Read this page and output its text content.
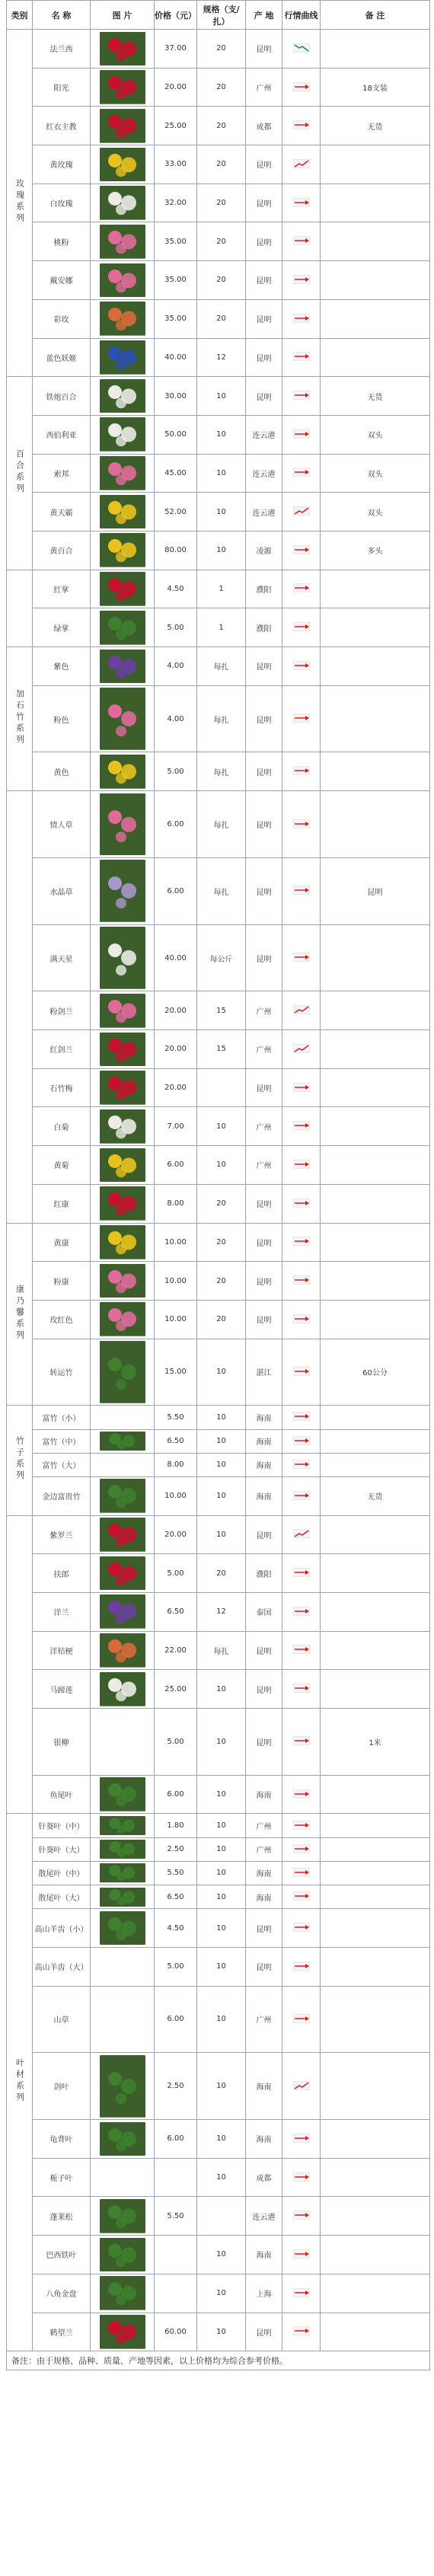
类别	名 称	图 片	价格（元）	规格（支/扎）	产 地	行情曲线	备 注
玫瑰系列	法兰西		37.00	20	昆明	

	阳光		20.00	20	广州		18支装
	红衣主教		25.00	20	成都		无货
	黄玫瑰		33.00	20	昆明	

	白玫瑰		32.00	20	昆明	

	桃粉		35.00	20	昆明	

	戴安娜		35.00	20	昆明	

	彩玫		35.00	20	昆明	

	蓝色妖姬		40.00	12	昆明	

百合系列	铁炮百合		30.00	10	昆明		无货
	西伯利亚		50.00	10	连云港		双头
	索邦		45.00	10	连云港		双头
	黄天霸		52.00	10	连云港		双头
	黄百合		80.00	10	凌源		多头
	红掌		4.50	1	濮阳	

	绿掌		5.00	1	濮阳	

加石竹系列	紫色		4.00	每扎	昆明	

	粉色		4.00	每扎	昆明	

	黄色		5.00	每扎	昆明	

	情人草		6.00	每扎	昆明	

	水晶草		6.00	每扎	昆明		昆明
	满天星		40.00	每公斤	昆明	

	粉剑兰		20.00	15	广州	

	红剑兰		20.00	15	广州	

	石竹梅		20.00		昆明	

	白菊		7.00	10	广州	

	黄菊		6.00	10	广州	

	红康		8.00	20	昆明	

康乃馨系列	黄康		10.00	20	昆明	

	粉康		10.00	20	昆明	

	玫红色		10.00	20	昆明	

	转运竹		15.00	10	湛江		60公分
竹子系列	富竹（小）		5.50	10	海南	

	富竹（中）		6.50	10	海南	

	富竹（大）		8.00	10	海南	

	金边富贵竹		10.00	10	海南		无货
	紫罗兰		20.00	10	昆明	

	扶郎		5.00	20	濮阳	

	洋兰		6.50	12	泰国	

	洋桔梗		22.00	每扎	昆明	

	马蹄莲		25.00	10	昆明	

	银柳		5.00	10	昆明		1米
	鱼尾叶		6.00	10	海南	

叶材系列	针葵叶（中）		1.80	10	广州	

	针葵叶（大）		2.50	10	广州	

	散尾叶（中）		5.50	10	海南	

	散尾叶（大）		6.50	10	海南	

	高山羊齿（小）		4.50	10	昆明	

	高山羊齿（大）		5.00	10	昆明	

	山草		6.00	10	广州	

	剑叶		2.50	10	海南	

	龟背叶		6.00	10	海南	

	栀子叶			10	成都	

	蓬莱松		5.50		连云港	

	巴西铁叶			10	海南	

	八角金盘			10	上海	

	鹤望兰		60.00	10	昆明	

备注：由于规格、品种、质量、产地等因素，以上价格均为综合参考价格。							
